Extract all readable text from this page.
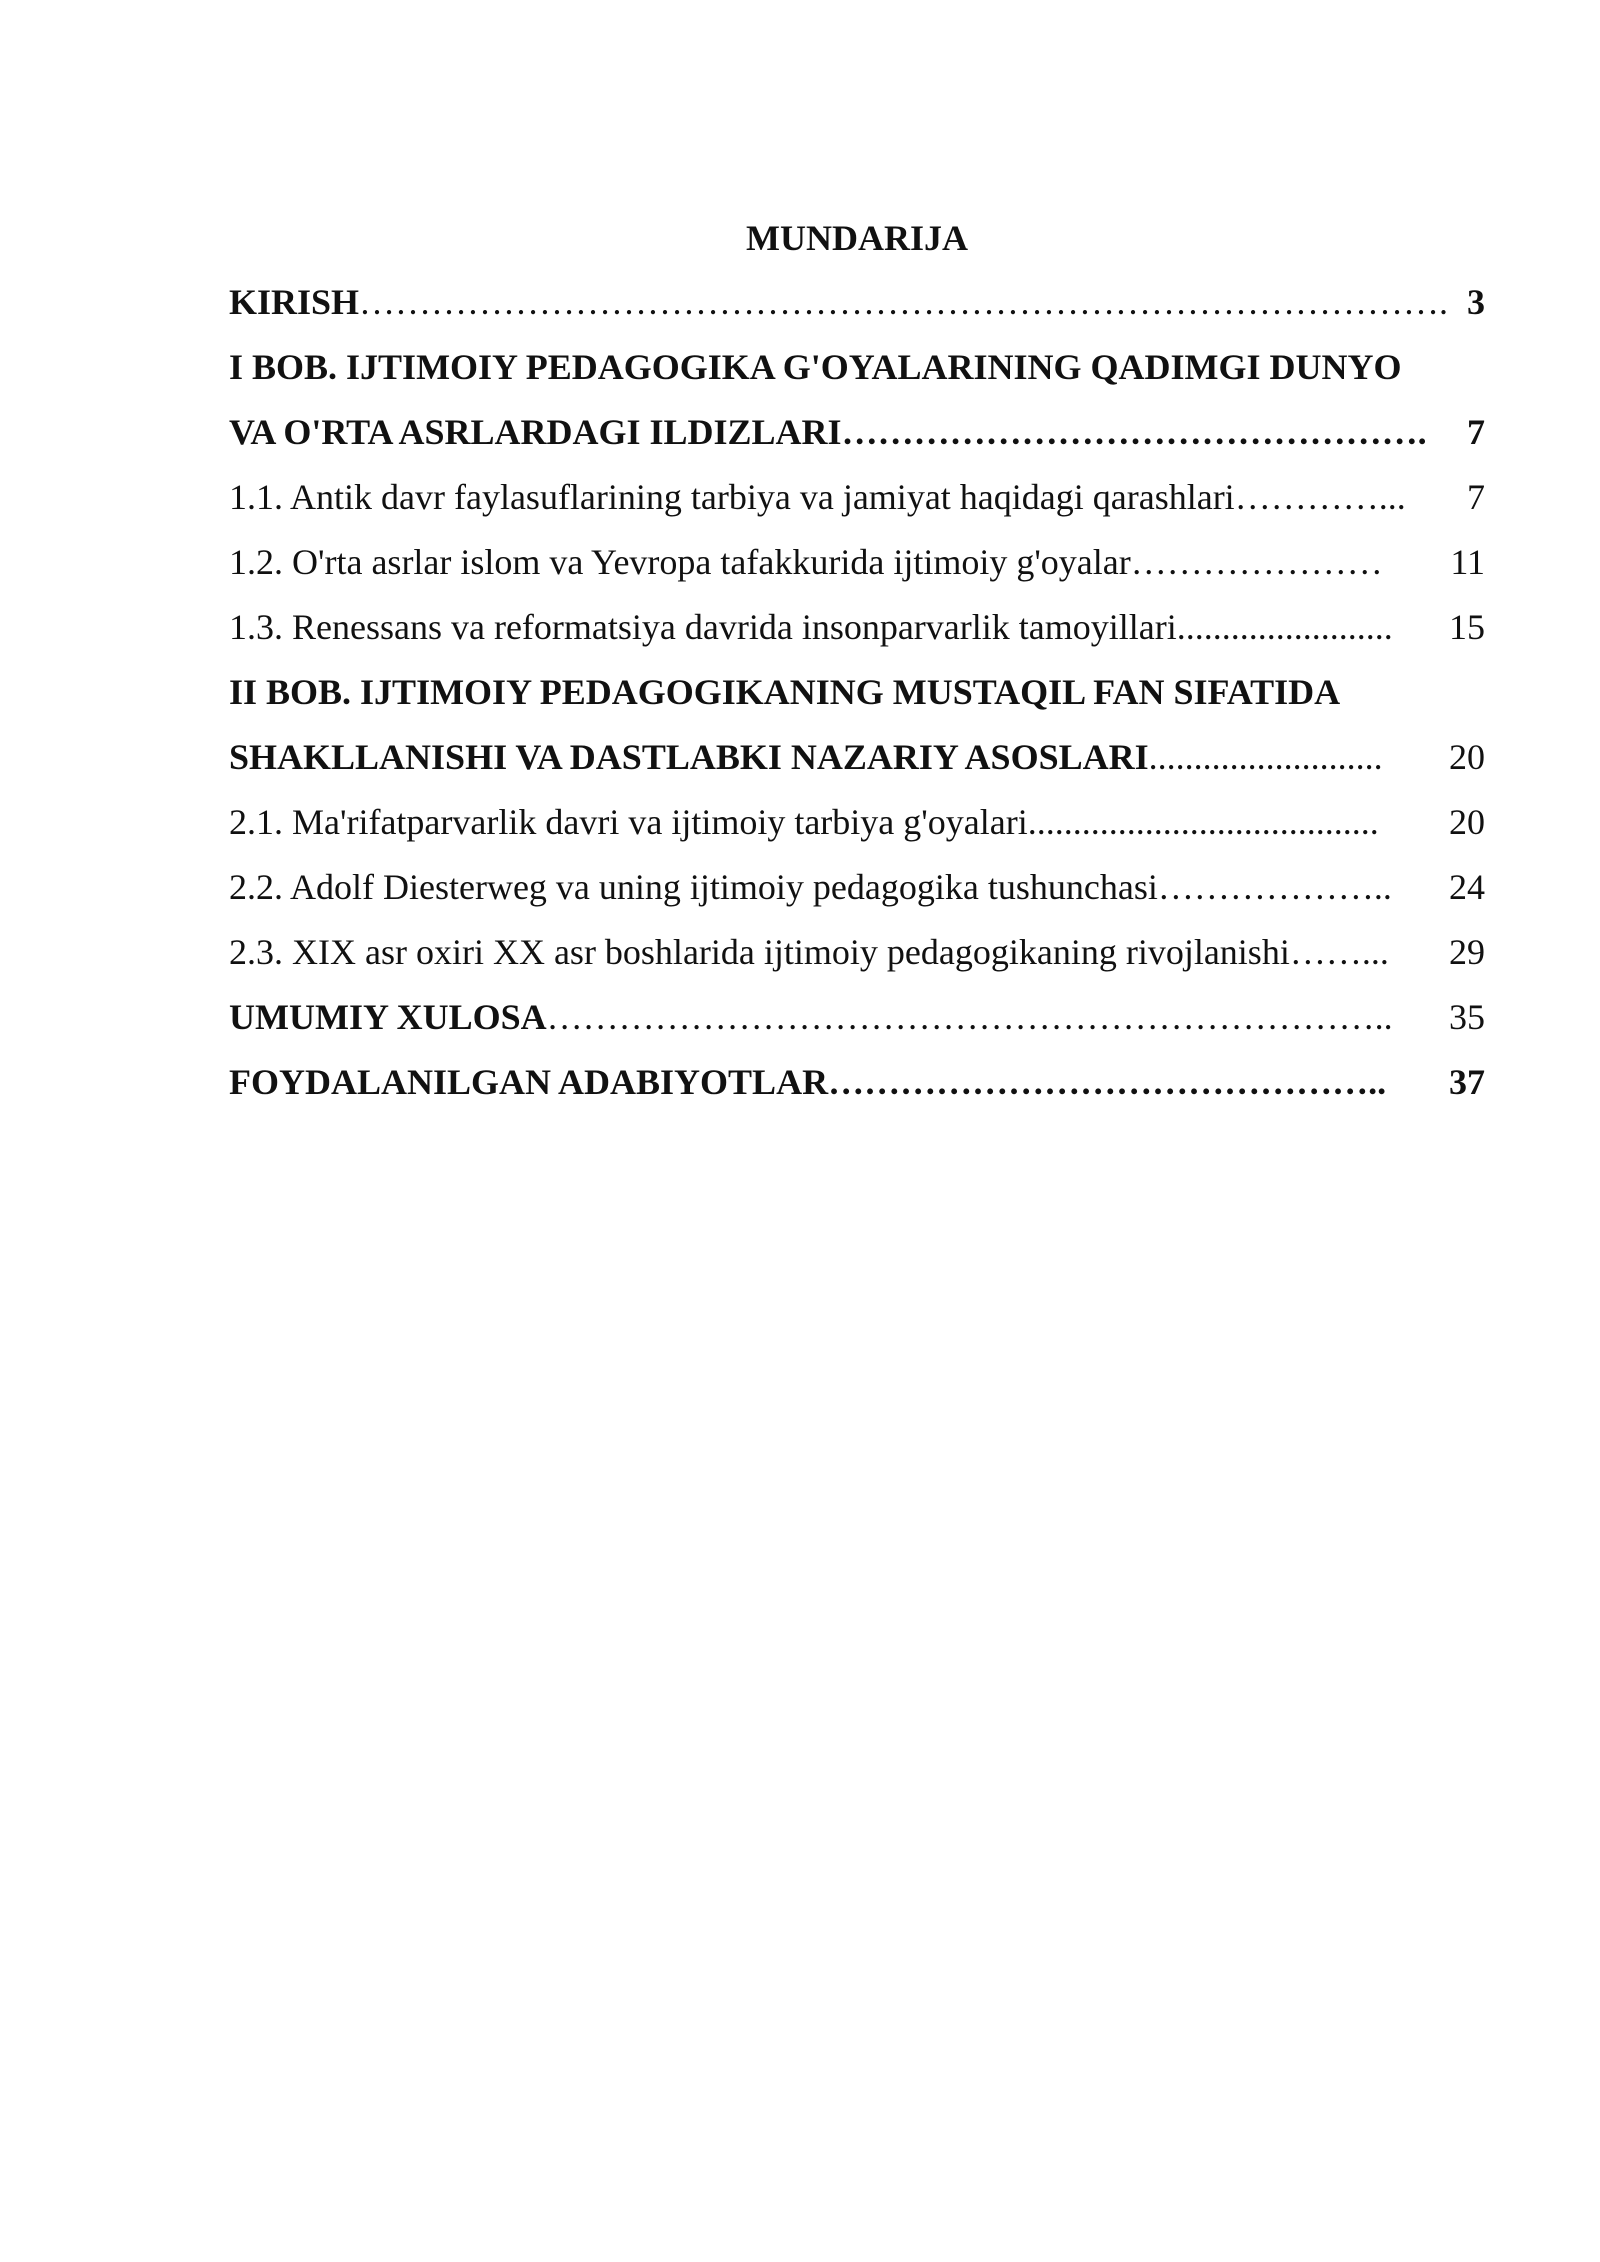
MUNDARIJA
KIRISH ………………………………………………………………………………. 3
I BOB. IJTIMOIY PEDAGOGIKA G'OYALARINING QADIMGI DUNYO
VA O'RTA ASRLARDAGI ILDIZLARI ………………………………………….	7
1.1. Antik davr faylasuflarining tarbiya va jamiyat haqidagi qarashlari …………...	7
1.2. O'rta asrlar islom va Yevropa tafakkurida ijtimoiy g'oyalar …………………	11
1.3. Renessans va reformatsiya davrida insonparvarlik tamoyillari ........................	15
II BOB. IJTIMOIY PEDAGOGIKANING MUSTAQIL FAN SIFATIDA
SHAKLLANISHI VA DASTLABKI NAZARIY ASOSLARI ..........................	20
2.1. Ma'rifatparvarlik davri va ijtimoiy tarbiya g'oyalari .......................................	20
2.2. Adolf Diesterweg va uning ijtimoiy pedagogika tushunchasi ………………..	24
2.3. XIX asr oxiri XX asr boshlarida ijtimoiy pedagogikaning rivojlanishi ……...	29
UMUMIY XULOSA ……………………………………………………………..	35
FOYDALANILGAN ADABIYOTLAR ………………………………………..	37
